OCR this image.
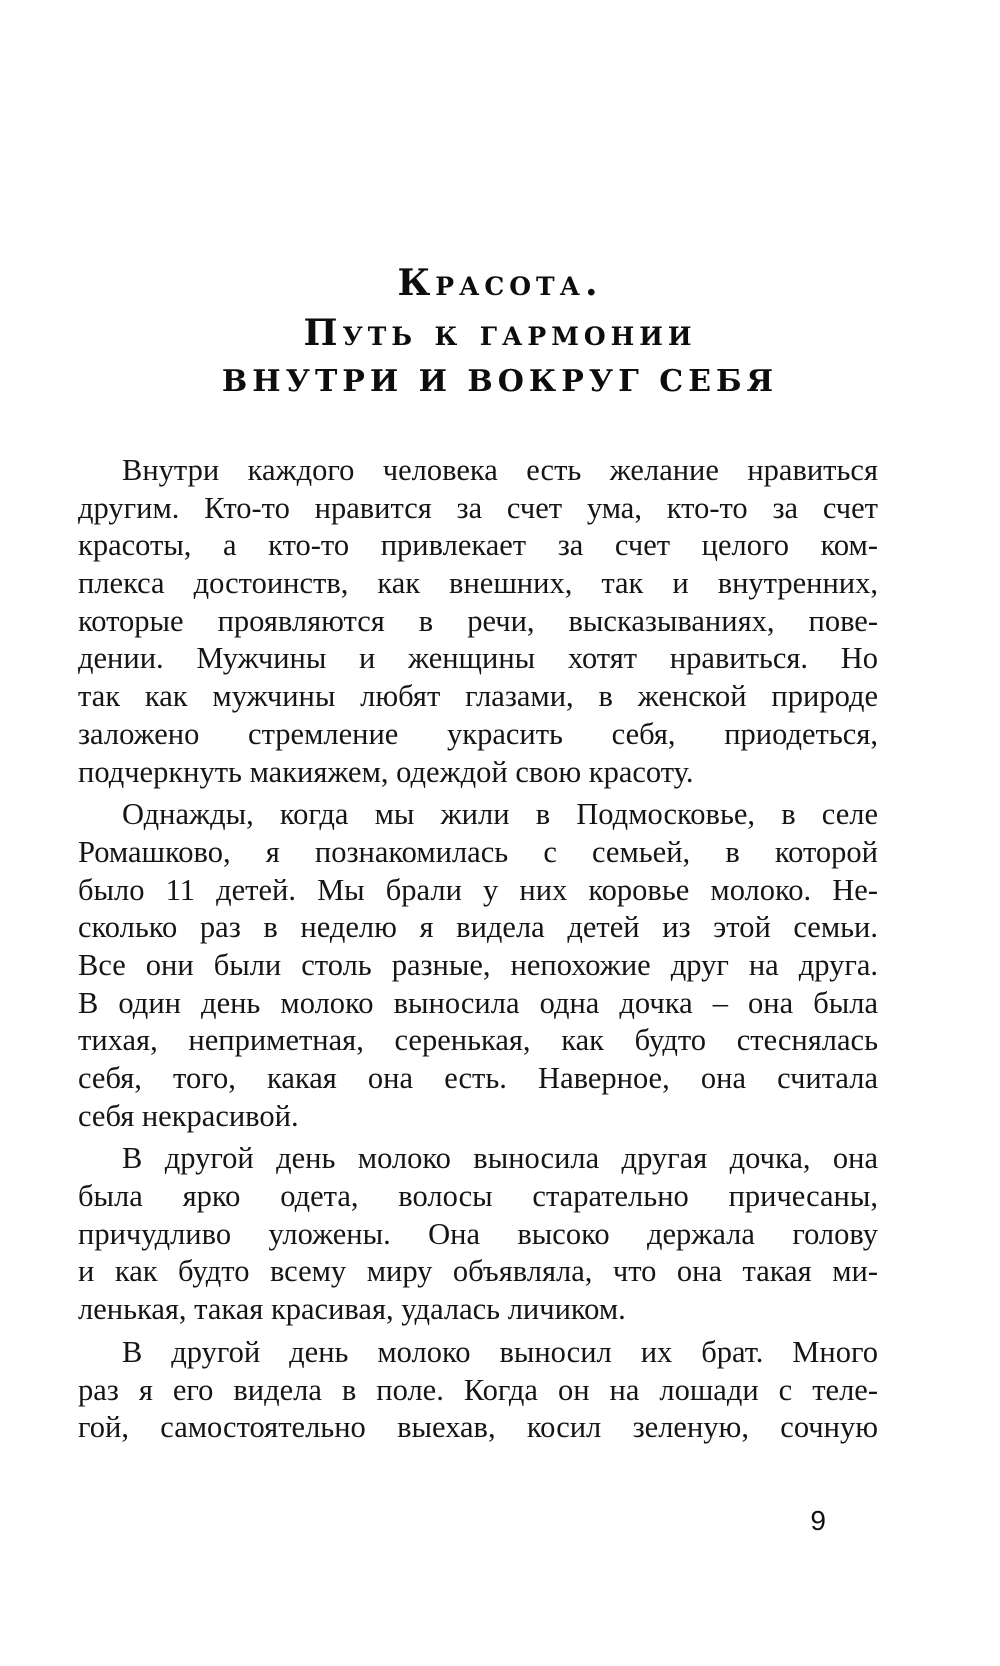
Красота.
Путь к гармонии
ВНУТРИ И ВОКРУГ СЕБЯ
Внутри каждого человека есть желание нравиться
другим. Кто-то нравится за счет ума, кто-то за счет
красоты, а кто-то привлекает за счет целого ком-
плекса достоинств, как внешних, так и внутренних,
которые проявляются в речи, высказываниях, пове-
дении. Мужчины и женщины хотят нравиться. Но
так как мужчины любят глазами, в женской природе
заложено стремление украсить себя, приодеться,
подчеркнуть макияжем, одеждой свою красоту.
Однажды, когда мы жили в Подмосковье, в селе
Ромашково, я познакомилась с семьей, в которой
было 11 детей. Мы брали у них коровье молоко. Не-
сколько раз в неделю я видела детей из этой семьи.
Все они были столь разные, непохожие друг на друга.
В один день молоко выносила одна дочка – она была
тихая, неприметная, серенькая, как будто стеснялась
себя, того, какая она есть. Наверное, она считала
себя некрасивой.
В другой день молоко выносила другая дочка, она
была ярко одета, волосы старательно причесаны,
причудливо уложены. Она высоко держала голову
и как будто всему миру объявляла, что она такая ми-
ленькая, такая красивая, удалась личиком.
В другой день молоко выносил их брат. Много
раз я его видела в поле. Когда он на лошади с теле-
гой, самостоятельно выехав, косил зеленую, сочную
9
